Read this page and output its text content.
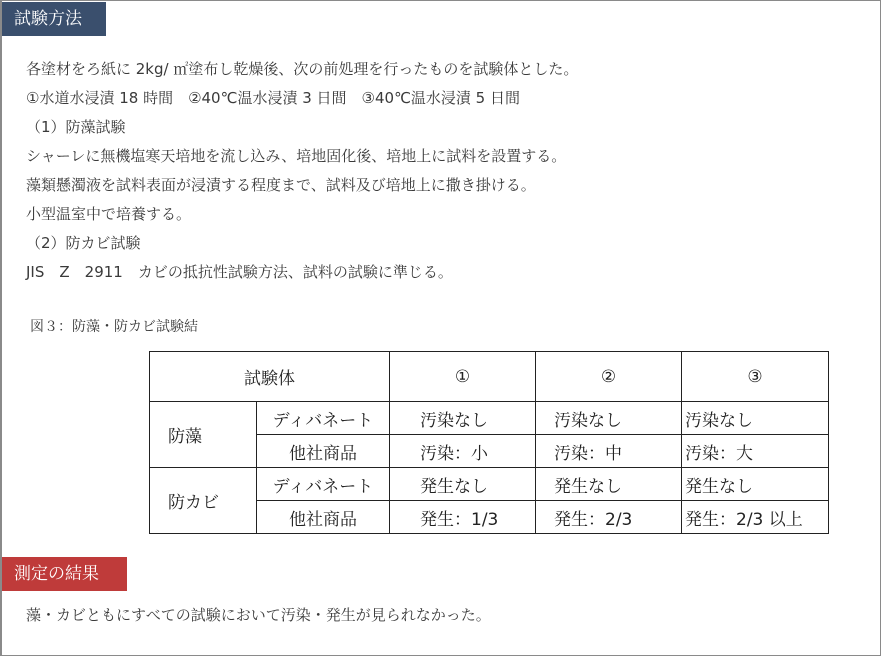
試験方法
各塗材をろ紙に 2kg/ ㎡塗布し乾燥後、次の前処理を行ったものを試験体とした。
①水道水浸漬 18 時間　②40℃温水浸漬 3 日間　③40℃温水浸漬 5 日間
（1）防藻試験
シャーレに無機塩寒天培地を流し込み、培地固化後、培地上に試料を設置する。
藻類懸濁液を試料表面が浸漬する程度まで、試料及び培地上に撒き掛ける。
小型温室中で培養する。
（2）防カビ試験
JIS　Z　2911　カビの抵抗性試験方法、試料の試験に準じる。
図３：防藻・防カビ試験結
試験体		①	②	③
防藻	ディバネート	汚染なし	汚染なし	汚染なし
	他社商品	汚染：小	汚染：中	汚染：大
防カビ	ディバネート	発生なし	発生なし	発生なし
	他社商品	発生：1/3	発生：2/3	発生：2/3 以上
測定の結果
藻・カビともにすべての試験において汚染・発生が見られなかった。
